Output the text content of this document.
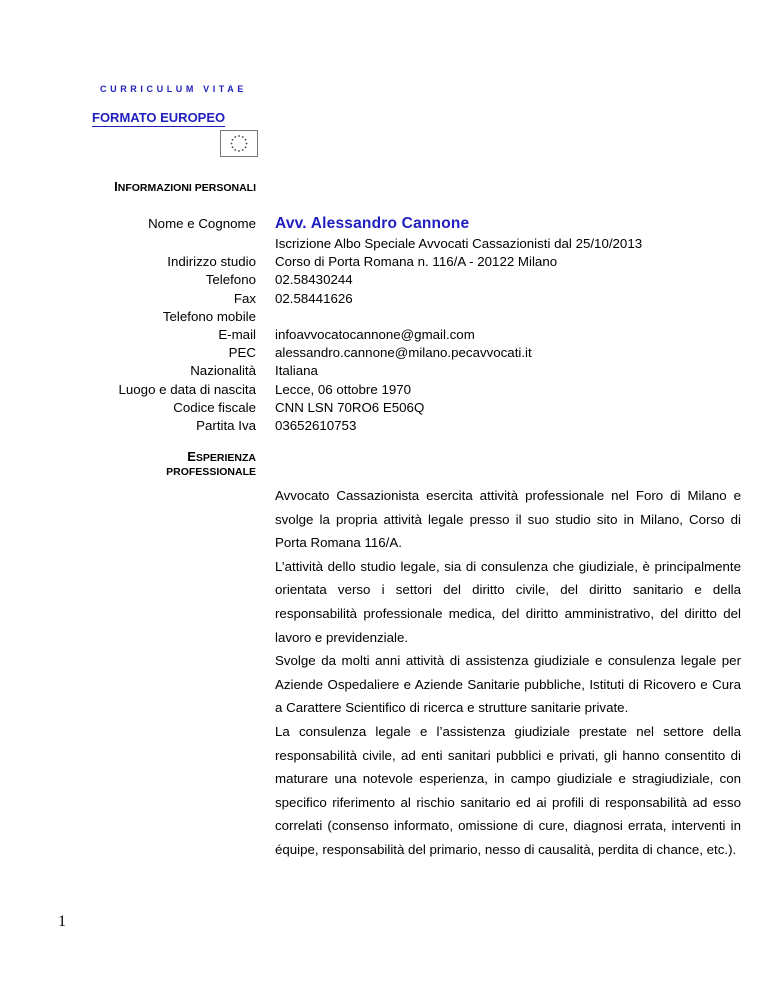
CURRICULUM VITAE
FORMATO EUROPEO
INFORMAZIONI PERSONALI
Nome e Cognome
Indirizzo studio
Telefono
Fax
Telefono mobile
E-mail
PEC
Nazionalità
Luogo e data di nascita
Codice fiscale
Partita Iva
Avv. Alessandro Cannone
Iscrizione Albo Speciale Avvocati Cassazionisti dal 25/10/2013
Corso di Porta Romana n. 116/A - 20122 Milano
02.58430244
02.58441626
infoavvocatocannone@gmail.com
alessandro.cannone@milano.pecavvocati.it
Italiana
Lecce, 06 ottobre 1970
CNN LSN 70RO6 E506Q
03652610753
ESPERIENZA
PROFESSIONALE

Avvocato Cassazionista esercita attività professionale nel Foro di Milano e svolge la propria attività legale presso il suo studio sito in Milano, Corso di Porta Romana 116/A.

L’attività dello studio legale, sia di consulenza che giudiziale, è principalmente orientata verso i settori del diritto civile, del diritto sanitario e della responsabilità professionale medica, del diritto amministrativo, del diritto del lavoro e previdenziale.

Svolge da molti anni attività di assistenza giudiziale e consulenza legale per Aziende Ospedaliere e Aziende Sanitarie pubbliche, Istituti di Ricovero e Cura a Carattere Scientifico di ricerca e strutture sanitarie private.

La consulenza legale e l’assistenza giudiziale prestate nel settore della responsabilità civile, ad enti sanitari pubblici e privati, gli hanno consentito di maturare una notevole esperienza, in campo giudiziale e stragiudiziale, con specifico riferimento al rischio sanitario ed ai profili di responsabilità ad esso correlati (consenso informato, omissione di cure, diagnosi errata, interventi in équipe, responsabilità del primario, nesso di causalità, perdita di chance, etc.).

1
